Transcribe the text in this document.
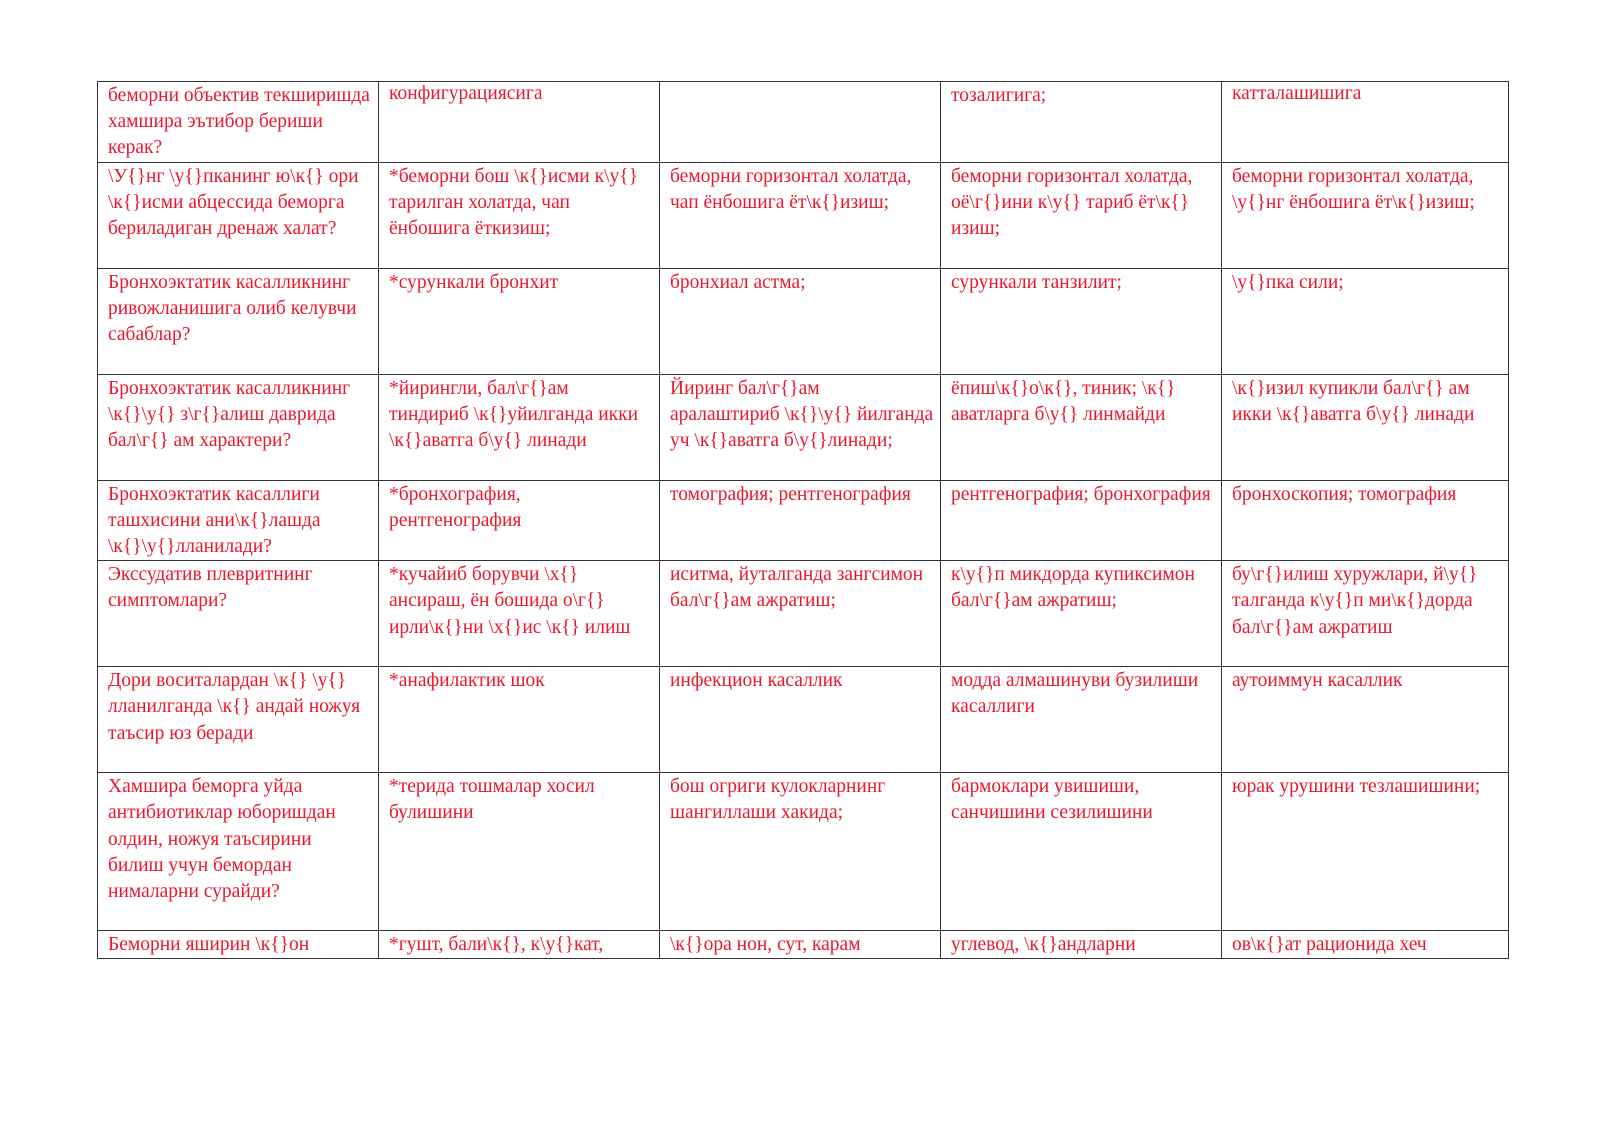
беморни объектив текширишда хамшира эътибор бериши керак?	конфигурациясига		тозалигига;	катталашишига
\У{}нг \у{}пканинг ю\к{} ори \к{}исми абцессида беморга бериладиган дренаж халат?	*беморни бош \к{}исми к\у{}тарилган холатда, чап ёнбошига ёткизиш;	беморни горизонтал холатда, чап ёнбошига ёт\к{}изиш;	беморни горизонтал холатда, оё\г{}ини к\у{} тариб ёт\к{}изиш;	беморни горизонтал холатда, \у{}нг ёнбошига ёт\к{}изиш;
Бронхоэктатик касалликнинг ривожланишига олиб келувчи сабаблар?	*сурункали бронхит	бронхиал астма;	сурункали танзилит;	\у{}пка сили;
Бронхоэктатик касалликнинг \к{}\у{} з\г{}алиш даврида бал\г{} ам характери?	*йирингли, бал\г{}ам тиндириб \к{}уйилганда икки \к{}аватга б\у{} линади	Йиринг бал\г{}ам аралаштириб \к{}\у{} йилганда уч \к{}аватга б\у{}линади;	ёпиш\к{}о\к{}, тиник; \к{}аватларга б\у{} линмайди	\к{}изил купикли бал\г{} ам икки \к{}аватга б\у{} линади
Бронхоэктатик касаллиги ташхисини ани\к{}лашда \к{}\у{}лланилади?	*бронхография, рентгенография	томография; рентгенография	рентгенография; бронхография	бронхоскопия; томография
Экссудатив плевритнинг симптомлари?	*кучайиб борувчи \х{} ансираш, ён бошида о\г{} ирли\к{}ни \х{}ис \к{} илиш	иситма, йуталганда зангсимон бал\г{}ам ажратиш;	к\у{}п микдорда купиксимон бал\г{}ам ажратиш;	бу\г{}илиш хуружлари, й\у{}талганда к\у{}п ми\к{}дорда бал\г{}ам ажратиш
Дори воситалардан \к{} \у{}лланилганда \к{} андай ножуя таъсир юз беради	*анафилактик шок	инфекцион касаллик	модда алмашинуви бузилиши касаллиги	аутоиммун касаллик
Хамшира беморга уйда антибиотиклар юборишдан олдин, ножуя таъсирини билиш учун бемордан нималарни сурайди?	*терида тошмалар хосил булишини	бош огриги кулокларнинг шангиллаши хакида;	бармоклари увишиши, санчишини сезилишини	юрак урушини тезлашишини;
Беморни яширин \к{}он	*гушт, бали\к{}, к\у{}кат,	\к{}ора нон, сут, карам	углевод, \к{}андларни	ов\к{}ат рационида хеч
